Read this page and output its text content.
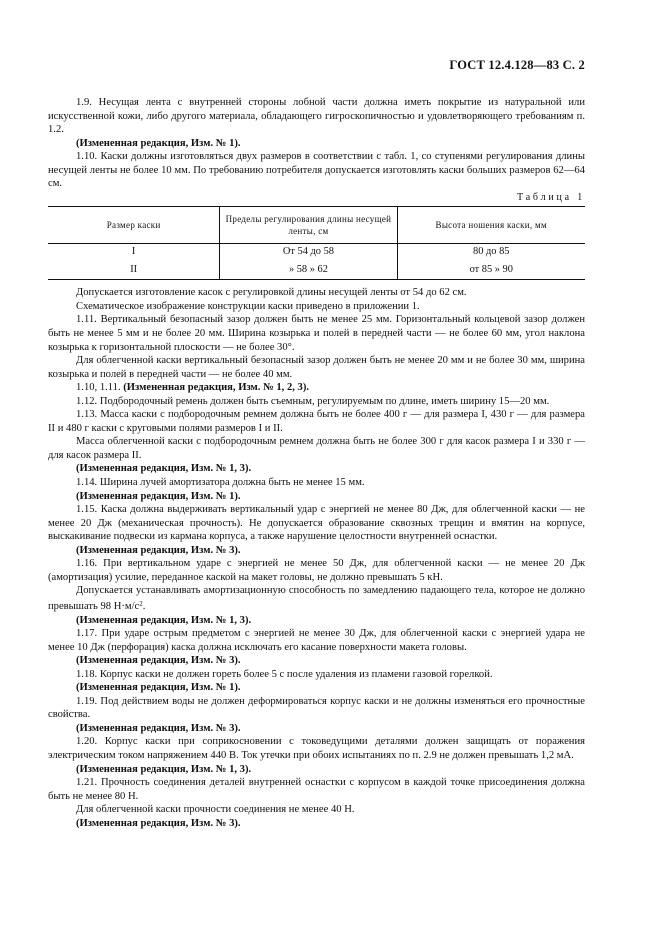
ГОСТ 12.4.128—83 С. 2

1.9. Несущая лента с внутренней стороны лобной части должна иметь покрытие из натуральной или искусственной кожи, либо другого материала, обладающего гигроскопичностью и удовлетворяющего требованиям п. 1.2.

(Измененная редакция, Изм. № 1).

1.10. Каски должны изготовляться двух размеров в соответствии с табл. 1, со ступенями регулирования длины несущей ленты не более 10 мм. По требованию потребителя допускается изготовлять каски больших размеров 62—64 см.

Таблица 1
Размер каски	Пределы регулирования длины несущей ленты, см	Высота ношения каски, мм
I	От 54 до 58	80 до 85
II	» 58 » 62	от 85 » 90

Допускается изготовление касок с регулировкой длины несущей ленты от 54 до 62 см.

Схематическое изображение конструкции каски приведено в приложении 1.

1.11. Вертикальный безопасный зазор должен быть не менее 25 мм. Горизонтальный кольцевой зазор должен быть не менее 5 мм и не более 20 мм. Ширина козырька и полей в передней части — не более 60 мм, угол наклона козырька к горизонтальной плоскости — не более 30°.

Для облегченной каски вертикальный безопасный зазор должен быть не менее 20 мм и не более 30 мм, ширина козырька и полей в передней части — не более 40 мм.

1.10, 1.11. (Измененная редакция, Изм. № 1, 2, 3).

1.12. Подбородочный ремень должен быть съемным, регулируемым по длине, иметь ширину 15—20 мм.

1.13. Масса каски с подбородочным ремнем должна быть не более 400 г — для размера I, 430 г — для размера II и 480 г каски с круговыми полями размеров I и II.

Масса облегченной каски с подбородочным ремнем должна быть не более 300 г для касок размера I и 330 г — для касок размера II.

(Измененная редакция, Изм. № 1, 3).

1.14. Ширина лучей амортизатора должна быть не менее 15 мм.

(Измененная редакция, Изм. № 1).

1.15. Каска должна выдерживать вертикальный удар с энергией не менее 80 Дж, для облегченной каски — не менее 20 Дж (механическая прочность). Не допускается образование сквозных трещин и вмятин на корпусе, выскакивание подвески из кармана корпуса, а также нарушение целостности внутренней оснастки.

(Измененная редакция, Изм. № 3).

1.16. При вертикальном ударе с энергией не менее 50 Дж, для облегченной каски — не менее 20 Дж (амортизация) усилие, переданное каской на макет головы, не должно превышать 5 кН.

Допускается устанавливать амортизационную способность по замедлению падающего тела, которое не должно превышать 98 $Н\cdot м/с^2$.

(Измененная редакция, Изм. № 1, 3).

1.17. При ударе острым предметом с энергией не менее 30 Дж, для облегченной каски с энергией удара не менее 10 Дж (перфорация) каска должна исключать его касание поверхности макета головы.

(Измененная редакция, Изм. № 3).

1.18. Корпус каски не должен гореть более 5 с после удаления из пламени газовой горелкой.

(Измененная редакция, Изм. № 1).

1.19. Под действием воды не должен деформироваться корпус каски и не должны изменяться его прочностные свойства.

(Измененная редакция, Изм. № 3).

1.20. Корпус каски при соприкосновении с токоведущими деталями должен защищать от поражения электрическим током напряжением 440 В. Ток утечки при обоих испытаниях по п. 2.9 не должен превышать 1,2 мА.

(Измененная редакция, Изм. № 1, 3).

1.21. Прочность соединения деталей внутренней оснастки с корпусом в каждой точке присоединения должна быть не менее 80 Н.

Для облегченной каски прочности соединения не менее 40 Н.

(Измененная редакция, Изм. № 3).
